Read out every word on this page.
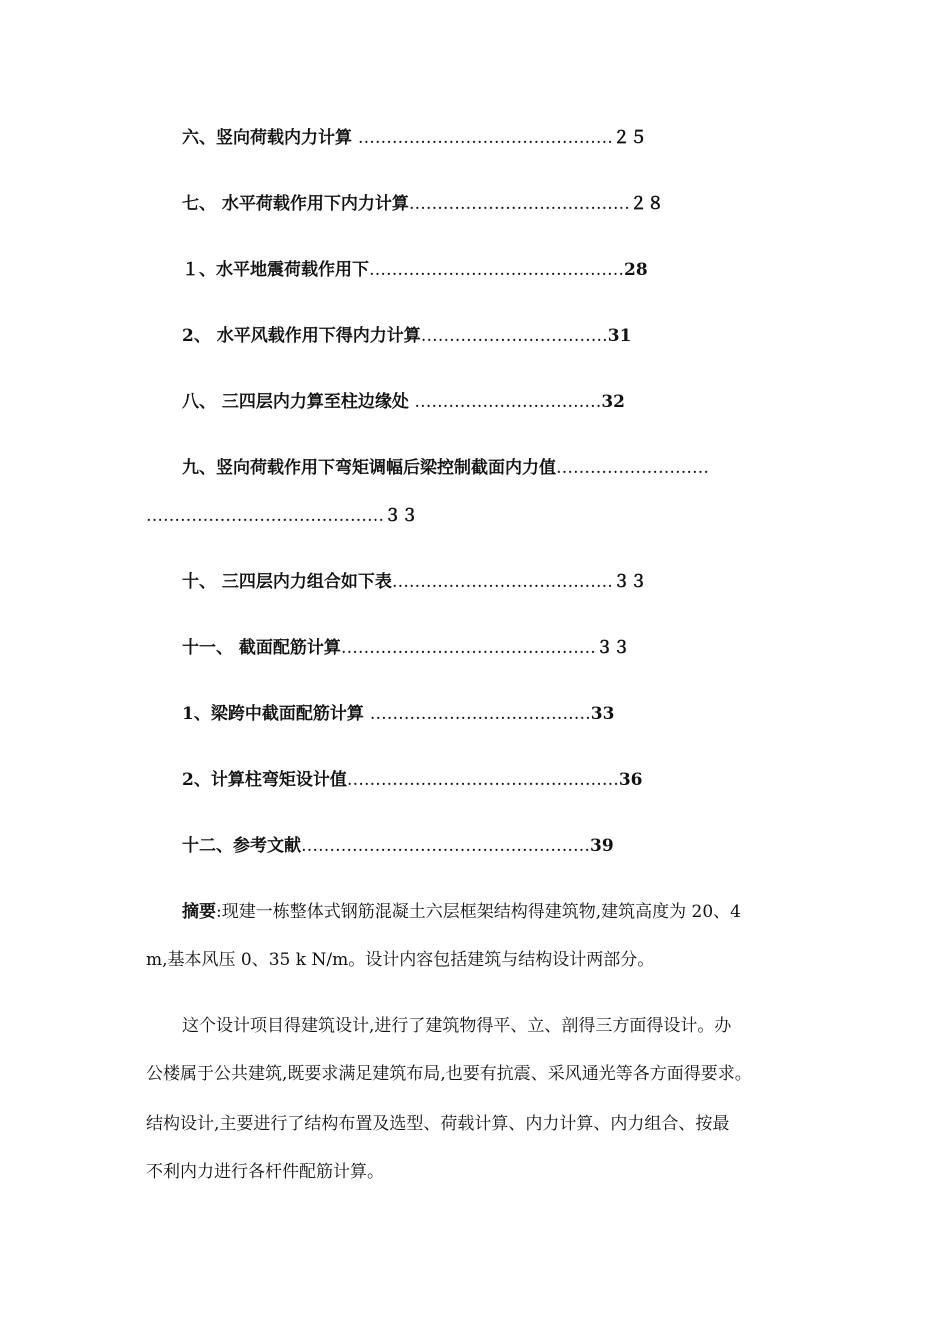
六、竖向荷载内力计算 ………………………………………２５
七、 水平荷载作用下内力计算…………………………………２８
１、水平地震荷载作用下………………………………………28
2、 水平风载作用下得内力计算……………………………31
八、 三四层内力算至柱边缘处 ……………………………32
九、竖向荷载作用下弯矩调幅后梁控制截面内力值………………………
……………………………………３３
十、 三四层内力组合如下表…………………………………３３
十一、 截面配筋计算………………………………………３３
1、梁跨中截面配筋计算 …………………………………33
2、计算柱弯矩设计值…………………………………………36
十二、参考文献……………………………………………39
摘要:现建一栋整体式钢筋混凝土六层框架结构得建筑物,建筑高度为 20、4
m,基本风压 0、35 k N/m。设计内容包括建筑与结构设计两部分。
这个设计项目得建筑设计,进行了建筑物得平、立、剖得三方面得设计。办
公楼属于公共建筑,既要求满足建筑布局,也要有抗震、采风通光等各方面得要求。
结构设计,主要进行了结构布置及选型、荷载计算、内力计算、内力组合、按最
不利内力进行各杆件配筋计算。
